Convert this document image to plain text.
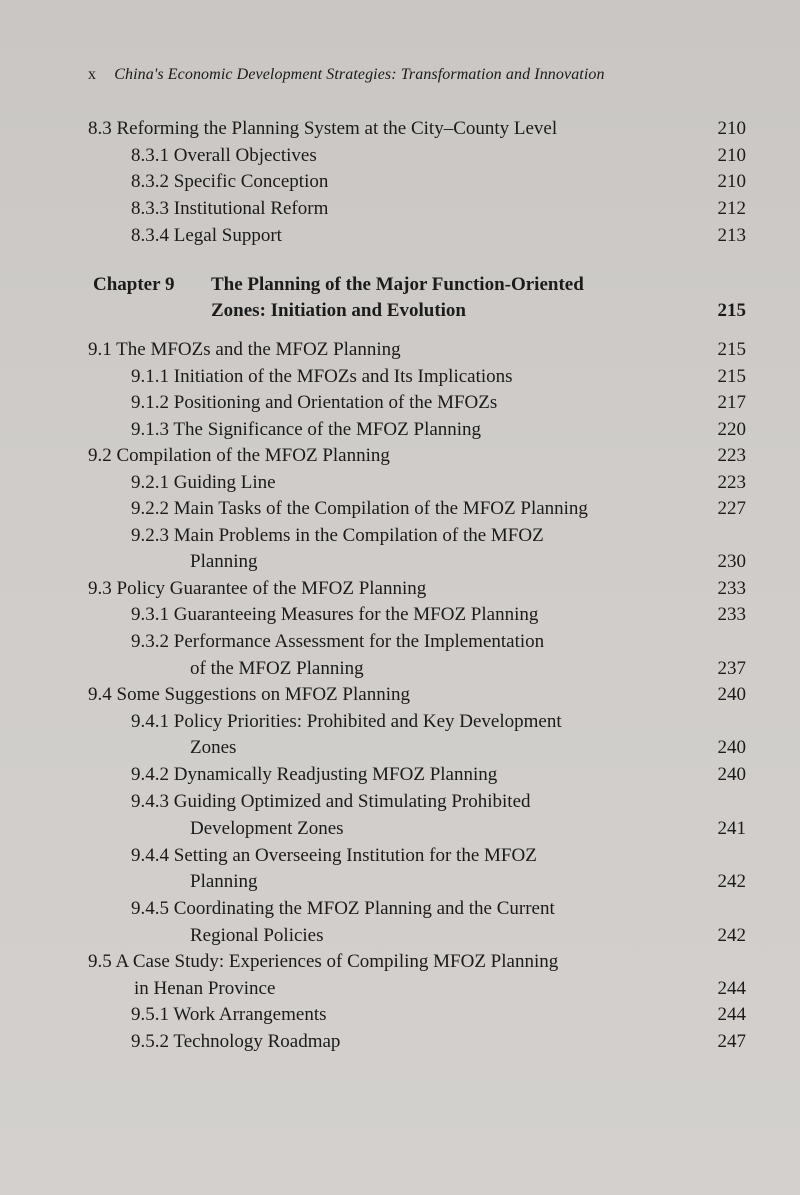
x China's Economic Development Strategies: Transformation and Innovation
8.3 Reforming the Planning System at the City–County Level	210
8.3.1 Overall Objectives	210
8.3.2 Specific Conception	210
8.3.3 Institutional Reform	212
8.3.4 Legal Support	213
Chapter 9 The Planning of the Major Function-Oriented
Zones: Initiation and Evolution	215
9.1 The MFOZs and the MFOZ Planning	215
9.1.1 Initiation of the MFOZs and Its Implications	215
9.1.2 Positioning and Orientation of the MFOZs	217
9.1.3 The Significance of the MFOZ Planning	220
9.2 Compilation of the MFOZ Planning	223
9.2.1 Guiding Line	223
9.2.2 Main Tasks of the Compilation of the MFOZ Planning	227
9.2.3 Main Problems in the Compilation of the MFOZ
Planning	230
9.3 Policy Guarantee of the MFOZ Planning	233
9.3.1 Guaranteeing Measures for the MFOZ Planning	233
9.3.2 Performance Assessment for the Implementation
of the MFOZ Planning	237
9.4 Some Suggestions on MFOZ Planning	240
9.4.1 Policy Priorities: Prohibited and Key Development
Zones	240
9.4.2 Dynamically Readjusting MFOZ Planning	240
9.4.3 Guiding Optimized and Stimulating Prohibited
Development Zones	241
9.4.4 Setting an Overseeing Institution for the MFOZ
Planning	242
9.4.5 Coordinating the MFOZ Planning and the Current
Regional Policies	242
9.5 A Case Study: Experiences of Compiling MFOZ Planning
in Henan Province	244
9.5.1 Work Arrangements	244
9.5.2 Technology Roadmap	247
